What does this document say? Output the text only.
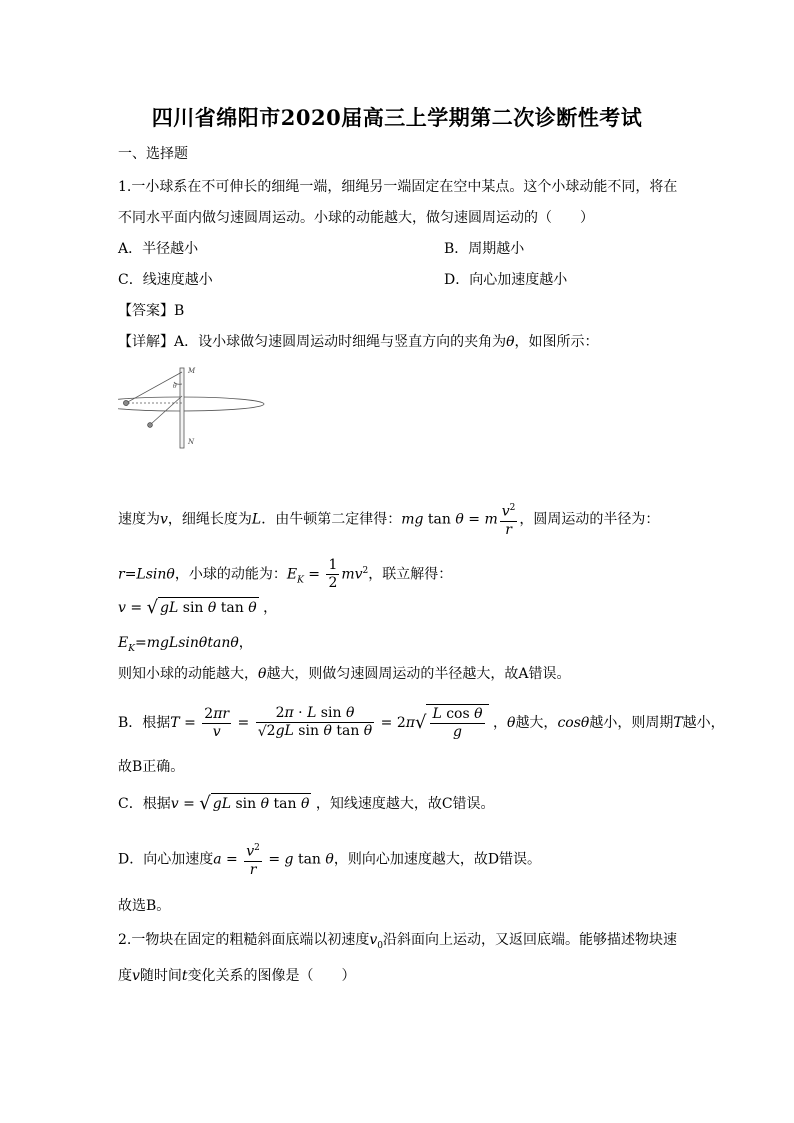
四川省绵阳市2020届高三上学期第二次诊断性考试
一、选择题
1.一小球系在不可伸长的细绳一端，细绳另一端固定在空中某点。这个小球动能不同，将在
不同水平面内做匀速圆周运动。小球的动能越大，做匀速圆周运动的（　　）
A．半径越小	B．周期越小
C．线速度越小	D．向心加速度越小
【答案】B
【详解】A．设小球做匀速圆周运动时细绳与竖直方向的夹角为θ，如图所示：
M
N
θ
速度为v，细绳长度为L．由牛顿第二定律得：mg tan θ = m $\frac{v^2}{r}$ ，圆周运动的半径为：
r=Lsinθ，小球的动能为：$E_K = \frac{1}{2} mv^2$，联立解得：
v = √ gL sin θ tan θ ，
$E_K=mgLsin\theta\tan\theta$，
则知小球的动能越大，θ越大，则做匀速圆周运动的半径越大，故A错误。
B．根据$T = \frac{2\pi r}{v} = \frac{\text{2π · L sin θ}}{\text{√2gL sin θ tan θ}} = 2\pi√ \frac{\text{L cos θ}}{g}$ ，θ越大，cosθ越小，则周期T越小，
故B正确。
C．根据v = √ gL sin θ tan θ ，知线速度越大，故C错误。
D．向心加速度$a = \frac{v^2}{r} = g$ tan θ，则向心加速度越大，故D错误。
故选B。
2.一物块在固定的粗糙斜面底端以初速度$v_0$沿斜面向上运动，又返回底端。能够描述物块速
度v随时间t变化关系的图像是（　　）
